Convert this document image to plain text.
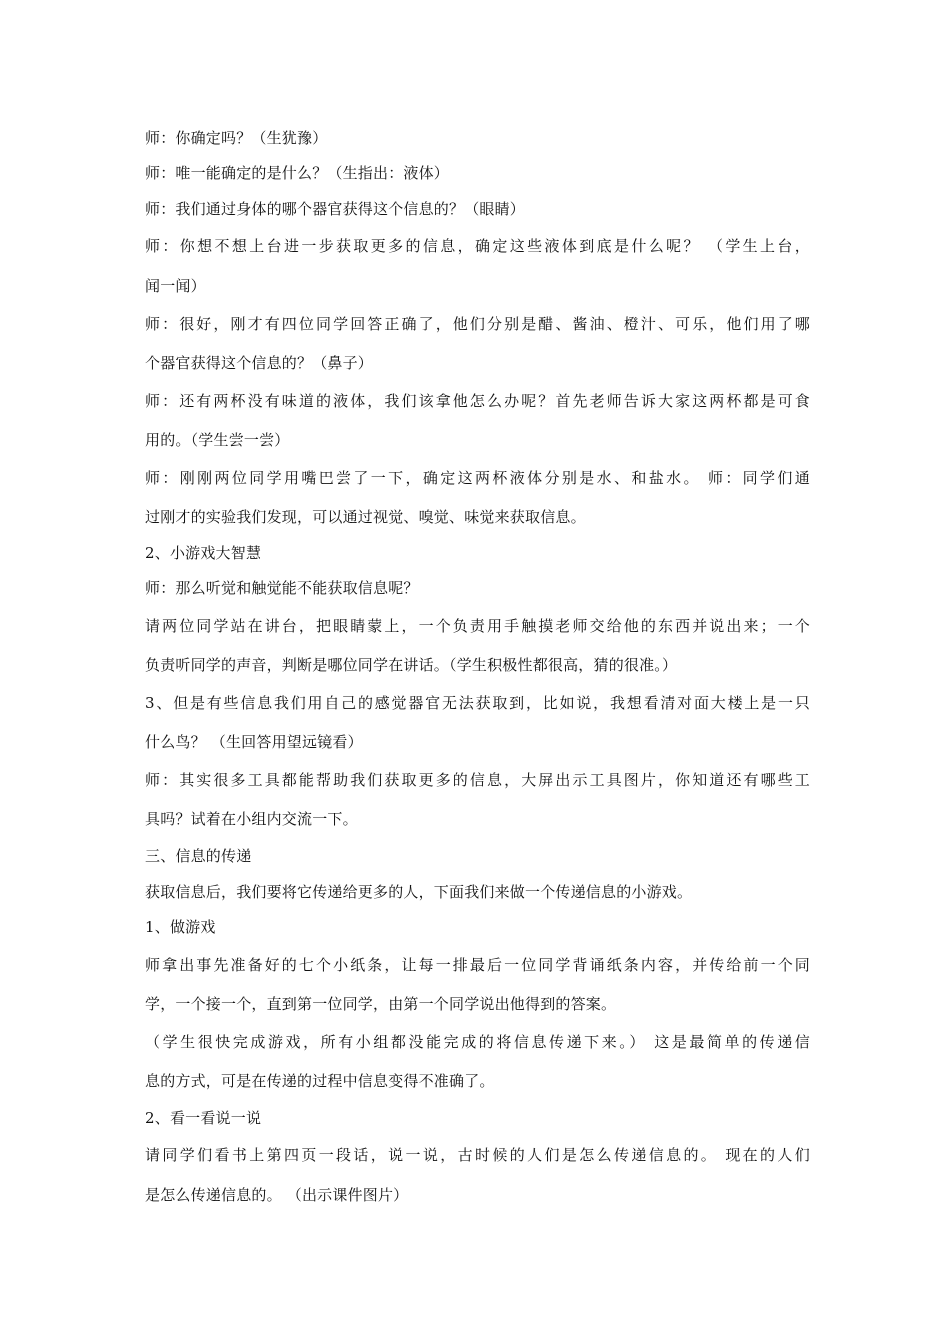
师：你确定吗？（生犹豫）
师：唯一能确定的是什么？（生指出：液体）
师：我们通过身体的哪个器官获得这个信息的？（眼睛）
师：你想不想上台进一步获取更多的信息，确定这些液体到底是什么呢？ （学生上台，
闻一闻）
师：很好，刚才有四位同学回答正确了，他们分别是醋、酱油、橙汁、可乐，他们用了哪
个器官获得这个信息的？（鼻子）
师：还有两杯没有味道的液体，我们该拿他怎么办呢？首先老师告诉大家这两杯都是可食
用的。（学生尝一尝）
师：刚刚两位同学用嘴巴尝了一下，确定这两杯液体分别是水、和盐水。 师：同学们通
过刚才的实验我们发现，可以通过视觉、嗅觉、味觉来获取信息。
2、小游戏大智慧
师：那么听觉和触觉能不能获取信息呢？
请两位同学站在讲台，把眼睛蒙上，一个负责用手触摸老师交给他的东西并说出来；一个
负责听同学的声音，判断是哪位同学在讲话。（学生积极性都很高，猜的很准。）
3、但是有些信息我们用自己的感觉器官无法获取到，比如说，我想看清对面大楼上是一只
什么鸟？ （生回答用望远镜看）
师：其实很多工具都能帮助我们获取更多的信息，大屏出示工具图片，你知道还有哪些工
具吗？试着在小组内交流一下。
三、信息的传递
获取信息后，我们要将它传递给更多的人，下面我们来做一个传递信息的小游戏。
1、做游戏
师拿出事先准备好的七个小纸条，让每一排最后一位同学背诵纸条内容，并传给前一个同
学，一个接一个，直到第一位同学，由第一个同学说出他得到的答案。
（学生很快完成游戏，所有小组都没能完成的将信息传递下来。） 这是最简单的传递信
息的方式，可是在传递的过程中信息变得不准确了。
2、看一看说一说
请同学们看书上第四页一段话，说一说，古时候的人们是怎么传递信息的。 现在的人们
是怎么传递信息的。 （出示课件图片）
